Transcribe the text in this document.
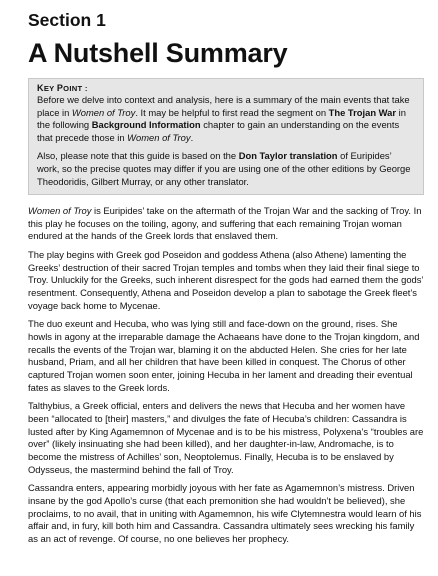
Section 1
A Nutshell Summary
KEY POINT :

Before we delve into context and analysis, here is a summary of the main events that take place in Women of Troy. It may be helpful to first read the segment on The Trojan War in the following Background Information chapter to gain an understanding on the events that precede those in Women of Troy.

Also, please note that this guide is based on the Don Taylor translation of Euripides’ work, so the precise quotes may differ if you are using one of the other editions by George Theodoridis, Gilbert Murray, or any other translator.

Women of Troy is Euripides’ take on the aftermath of the Trojan War and the sacking of Troy. In this play he focuses on the toiling, agony, and suffering that each remaining Trojan woman endured at the hands of the Greek lords that enslaved them.

The play begins with Greek god Poseidon and goddess Athena (also Athene) lamenting the Greeks’ destruction of their sacred Trojan temples and tombs when they laid their final siege to Troy. Unluckily for the Greeks, such inherent disrespect for the gods had earned them the gods’ resentment. Consequently, Athena and Poseidon develop a plan to sabotage the Greek fleet’s voyage back home to Mycenae.

The duo exeunt and Hecuba, who was lying still and face-down on the ground, rises. She howls in agony at the irreparable damage the Achaeans have done to the Trojan kingdom, and recalls the events of the Trojan war, blaming it on the abducted Helen. She cries for her late husband, Priam, and all her children that have been killed in conquest. The Chorus of other captured Trojan women soon enter, joining Hecuba in her lament and dreading their eventual fates as slaves to the Greek lords.

Talthybius, a Greek official, enters and delivers the news that Hecuba and her women have been “allocated to [their] masters,” and divulges the fate of Hecuba’s children: Cassandra is lusted after by King Agamemnon of Mycenae and is to be his mistress, Polyxena’s “troubles are over” (likely insinuating she had been killed), and her daughter-in-law, Andromache, is to become the mistress of Achilles’ son, Neoptolemus. Finally, Hecuba is to be enslaved by Odysseus, the mastermind behind the fall of Troy.

Cassandra enters, appearing morbidly joyous with her fate as Agamemnon’s mistress. Driven insane by the god Apollo’s curse (that each premonition she had wouldn’t be believed), she proclaims, to no avail, that in uniting with Agamemnon, his wife Clytemnestra would learn of his affair and, in fury, kill both him and Cassandra. Cassandra ultimately sees wrecking his family as an act of revenge. Of course, no one believes her prophecy.
